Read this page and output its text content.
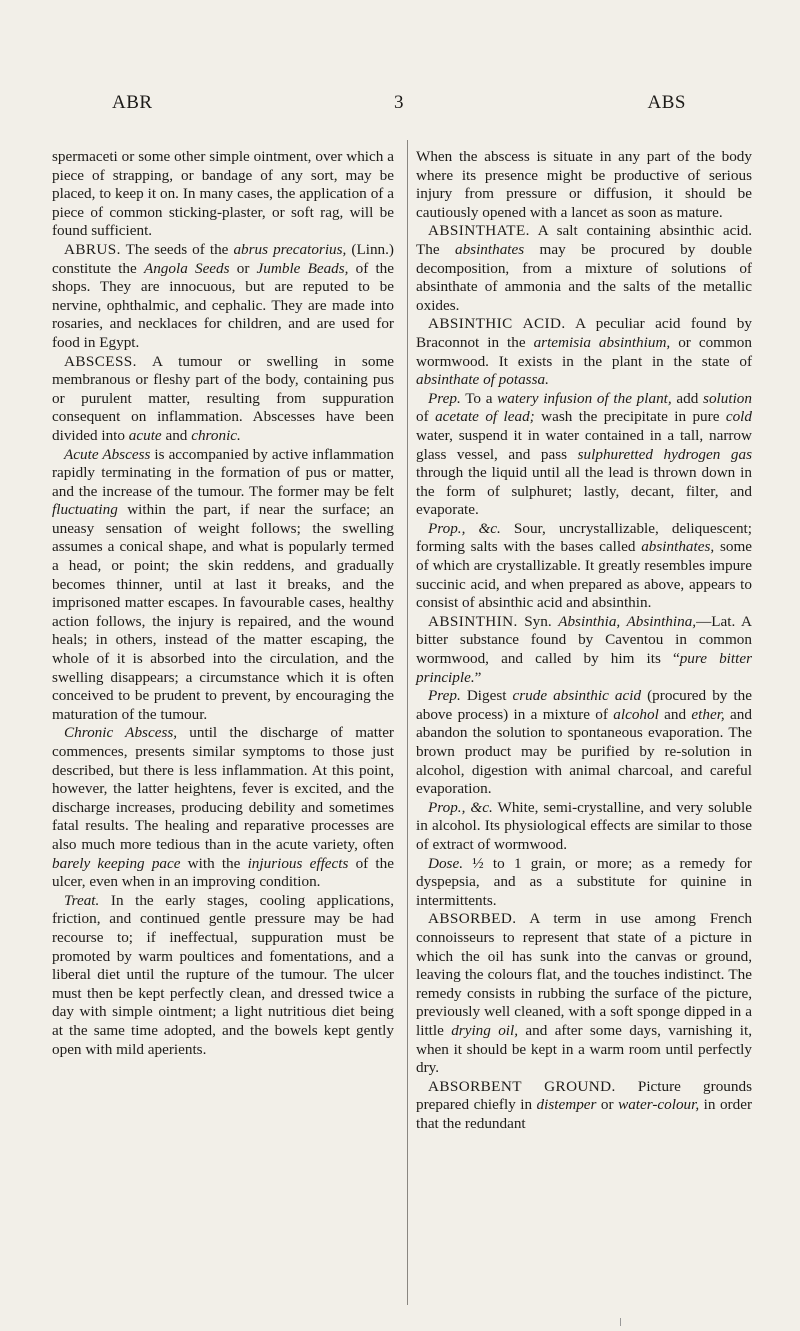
ABR	3	ABS

spermaceti or some other simple ointment, over which a piece of strapping, or bandage of any sort, may be placed, to keep it on. In many cases, the application of a piece of common sticking-plaster, or soft rag, will be found sufficient.

ABRUS. The seeds of the abrus precatorius, (Linn.) constitute the Angola Seeds or Jumble Beads, of the shops. They are innocuous, but are reputed to be nervine, ophthalmic, and cephalic. They are made into rosaries, and necklaces for children, and are used for food in Egypt.

ABSCESS. A tumour or swelling in some membranous or fleshy part of the body, containing pus or purulent matter, resulting from suppuration consequent on inflammation. Abscesses have been divided into acute and chronic.

Acute Abscess is accompanied by active inflammation rapidly terminating in the formation of pus or matter, and the increase of the tumour. The former may be felt fluctuating within the part, if near the surface; an uneasy sensation of weight follows; the swelling assumes a conical shape, and what is popularly termed a head, or point; the skin reddens, and gradually becomes thinner, until at last it breaks, and the imprisoned matter escapes. In favourable cases, healthy action follows, the injury is repaired, and the wound heals; in others, instead of the matter escaping, the whole of it is absorbed into the circulation, and the swelling disappears; a circumstance which it is often conceived to be prudent to prevent, by encouraging the maturation of the tumour.

Chronic Abscess, until the discharge of matter commences, presents similar symptoms to those just described, but there is less inflammation. At this point, however, the latter heightens, fever is excited, and the discharge increases, producing debility and sometimes fatal results. The healing and reparative processes are also much more tedious than in the acute variety, often barely keeping pace with the injurious effects of the ulcer, even when in an improving condition.

Treat. In the early stages, cooling applications, friction, and continued gentle pressure may be had recourse to; if ineffectual, suppuration must be promoted by warm poultices and fomentations, and a liberal diet until the rupture of the tumour. The ulcer must then be kept perfectly clean, and dressed twice a day with simple ointment; a light nutritious diet being at the same time adopted, and the bowels kept gently open with mild aperients.

When the abscess is situate in any part of the body where its presence might be productive of serious injury from pressure or diffusion, it should be cautiously opened with a lancet as soon as mature.

ABSINTHATE. A salt containing absinthic acid. The absinthates may be procured by double decomposition, from a mixture of solutions of absinthate of ammonia and the salts of the metallic oxides.

ABSINTHIC ACID. A peculiar acid found by Braconnot in the artemisia absinthium, or common wormwood. It exists in the plant in the state of absinthate of potassa.

Prep. To a watery infusion of the plant, add solution of acetate of lead; wash the precipitate in pure cold water, suspend it in water contained in a tall, narrow glass vessel, and pass sulphuretted hydrogen gas through the liquid until all the lead is thrown down in the form of sulphuret; lastly, decant, filter, and evaporate.

Prop., &c. Sour, uncrystallizable, deliquescent; forming salts with the bases called absinthates, some of which are crystallizable. It greatly resembles impure succinic acid, and when prepared as above, appears to consist of absinthic acid and absinthin.

ABSINTHIN. Syn. Absinthia, Absinthina,—Lat. A bitter substance found by Caventou in common wormwood, and called by him its “pure bitter principle.”

Prep. Digest crude absinthic acid (procured by the above process) in a mixture of alcohol and ether, and abandon the solution to spontaneous evaporation. The brown product may be purified by re-solution in alcohol, digestion with animal charcoal, and careful evaporation.

Prop., &c. White, semi-crystalline, and very soluble in alcohol. Its physiological effects are similar to those of extract of wormwood.

Dose. ½ to 1 grain, or more; as a remedy for dyspepsia, and as a substitute for quinine in intermittents.

ABSORBED. A term in use among French connoisseurs to represent that state of a picture in which the oil has sunk into the canvas or ground, leaving the colours flat, and the touches indistinct. The remedy consists in rubbing the surface of the picture, previously well cleaned, with a soft sponge dipped in a little drying oil, and after some days, varnishing it, when it should be kept in a warm room until perfectly dry.

ABSORBENT GROUND. Picture grounds prepared chiefly in distemper or water-colour, in order that the redundant
